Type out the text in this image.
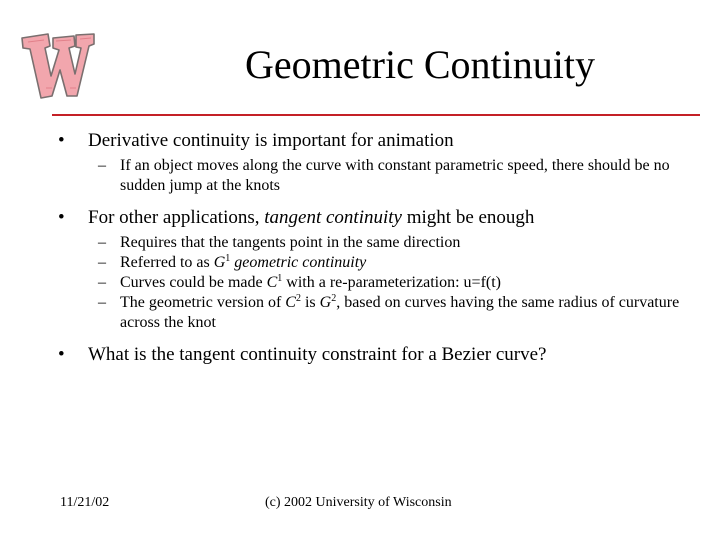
Geometric Continuity
• Derivative continuity is important for animation
– If an object moves along the curve with constant parametric speed, there should be no sudden jump at the knots
• For other applications, tangent continuity might be enough
– Requires that the tangents point in the same direction
– Referred to as $G^1$ geometric continuity
– Curves could be made $C^1$ with a re-parameterization: u=f(t)
– The geometric version of $C^2$ is $G^2$, based on curves having the same radius of curvature across the knot
• What is the tangent continuity constraint for a Bezier curve?
11/21/02	(c) 2002 University of Wisconsin
